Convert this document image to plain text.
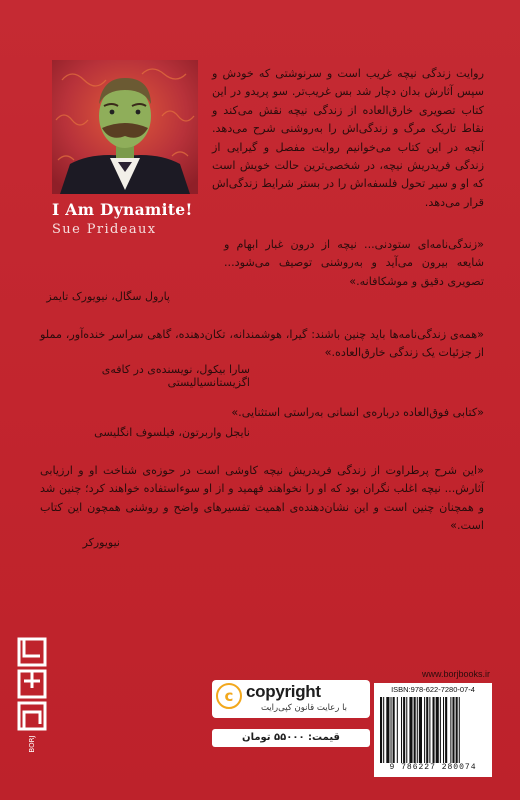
I Am Dynamite!
Sue Prideaux
روایت زندگی نیچه غریب است و سرنوشتی که خودش و سپس آثارش بدان دچار شد بس غریب‌تر. سو پریدو در این کتاب تصویری خارق‌العاده از زندگی نیچه نقش می‌کند و نقاط تاریک مرگ و زندگی‌اش را به‌روشنی شرح می‌دهد. آنچه در این کتاب می‌خوانیم روایت مفصل و گیرایی از زندگی فریدریش نیچه، در شخصی‌ترین حالت خویش است که او و سیر تحول فلسفه‌اش را در بستر شرایط زندگی‌اش قرار می‌دهد.
«زندگی‌نامه‌ای ستودنی... نیچه از درون غبار ابهام و شایعه بیرون می‌آید و به‌روشنی توصیف می‌شود... تصویری دقیق و موشکافانه.»
پارول سگال، نیویورک تایمز
«همه‌ی زندگی‌نامه‌ها باید چنین باشند: گیرا، هوشمندانه، تکان‌دهنده، گاهی سراسر خنده‌آور، مملو از جزئیات یک زندگی خارق‌العاده.»
سارا بیکول، نویسنده‌ی در کافه‌ی اگزیستانسیالیستی
«کتابی فوق‌العاده درباره‌ی انسانی به‌راستی استثنایی.»
نایجل واربرتون، فیلسوف انگلیسی
«این شرح پرطراوت از زندگی فریدریش نیچه کاوشی است در حوزه‌ی شناخت او و ارزیابی آثارش... نیچه اغلب نگران بود که او را نخواهند فهمید و از او سوءاستفاده خواهند کرد؛ چنین شد و همچنان چنین است و این نشان‌دهنده‌ی اهمیت تفسیرهای واضح و روشنی همچون این کتاب است.»
نیویورکر
BORJ
c copyright
با رعایت قانون کپی‌رایت
قیمت: ۵۵۰۰۰ تومان
www.borjbooks.ir
ISBN:978-622-7280-07-4
9 786227 280074
